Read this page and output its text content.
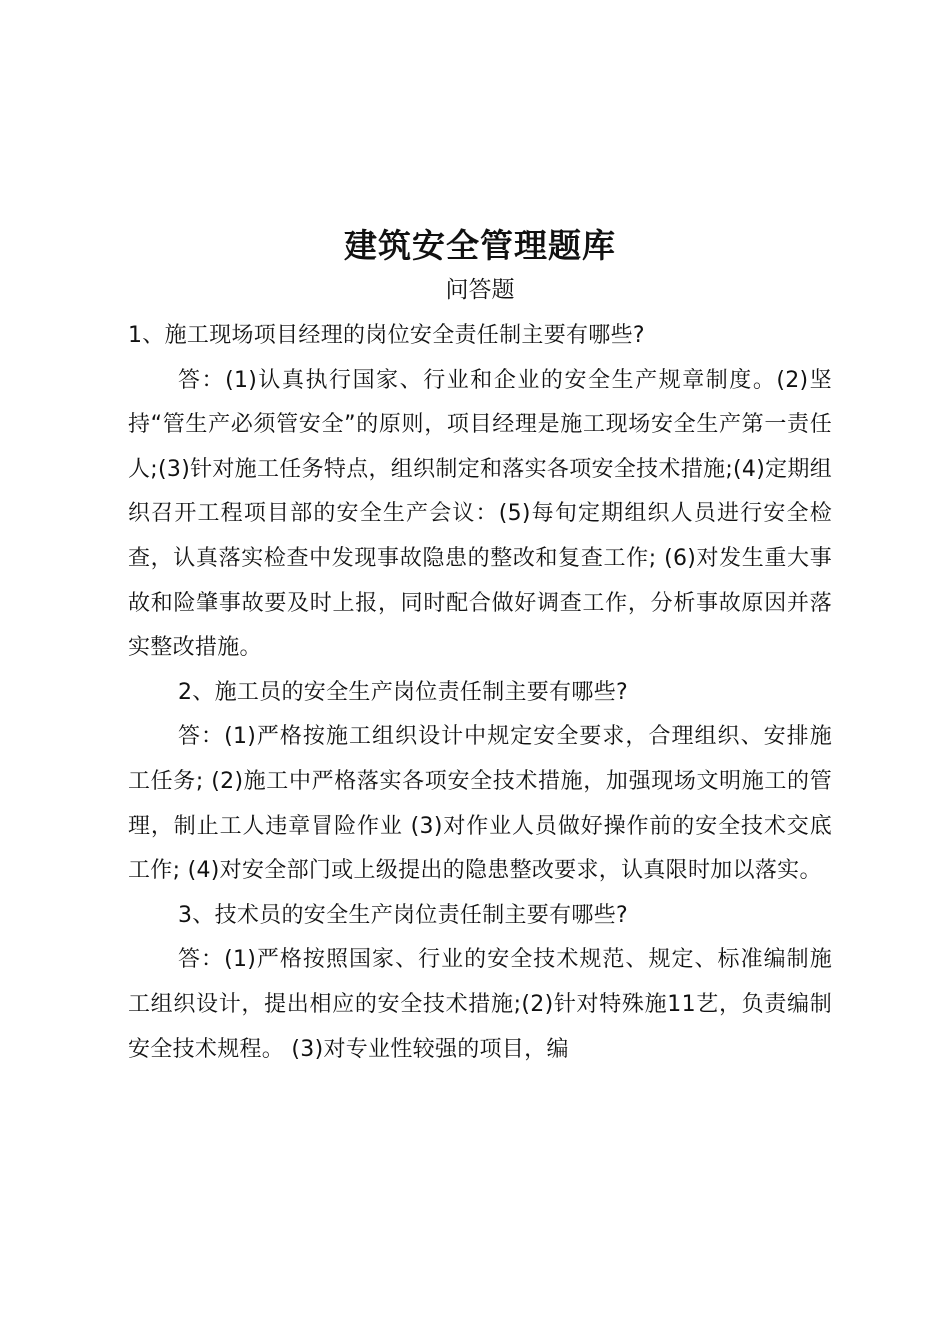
建筑安全管理题库
问答题

1、施工现场项目经理的岗位安全责任制主要有哪些?

答：(1)认真执行国家、行业和企业的安全生产规章制度。(2)坚持“管生产必须管安全”的原则，项目经理是施工现场安全生产第一责任人;(3)针对施工任务特点，组织制定和落实各项安全技术措施;(4)定期组织召开工程项目部的安全生产会议：(5)每旬定期组织人员进行安全检查，认真落实检查中发现事故隐患的整改和复查工作; (6)对发生重大事故和险肇事故要及时上报，同时配合做好调查工作，分析事故原因并落实整改措施。

2、施工员的安全生产岗位责任制主要有哪些?

答：(1)严格按施工组织设计中规定安全要求，合理组织、安排施工任务; (2)施工中严格落实各项安全技术措施，加强现场文明施工的管理，制止工人违章冒险作业 (3)对作业人员做好操作前的安全技术交底工作; (4)对安全部门或上级提出的隐患整改要求，认真限时加以落实。

3、技术员的安全生产岗位责任制主要有哪些?

答：(1)严格按照国家、行业的安全技术规范、规定、标准编制施工组织设计，提出相应的安全技术措施;(2)针对特殊施11艺，负责编制安全技术规程。 (3)对专业性较强的项目，编
